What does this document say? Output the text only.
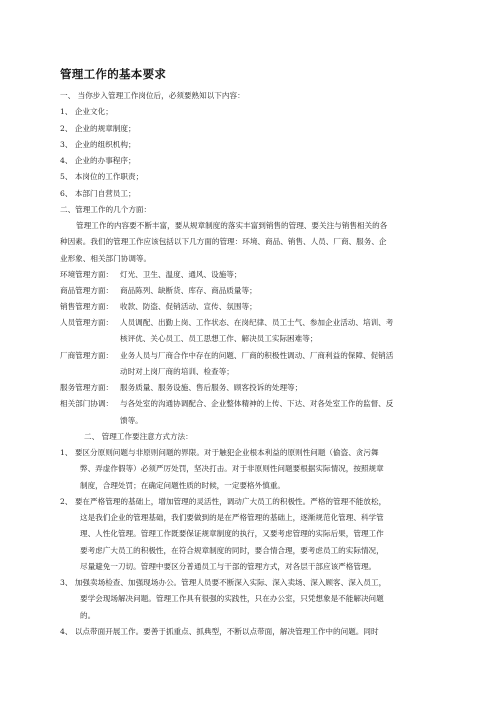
管理工作的基本要求
一、 当你步入管理工作岗位后，必须要熟知以下内容：
1、 企业文化；
2、 企业的规章制度；
3、 企业的组织机构；
4、 企业的办事程序；
5、 本岗位的工作职责；
6、 本部门自营员工；
二、管理工作的几个方面：
管理工作的内容要不断丰富，要从规章制度的落实丰富到销售的管理、要关注与销售相关的各
种因素。我们的管理工作应该包括以下几方面的管理：环境、商品、销售、人员、厂商、服务、企
业形象、相关部门协调等。
环境管理方面： 灯光、卫生、温度、通风、设施等；
商品管理方面： 商品陈列、缺断货、库存、商品质量等；
销售管理方面： 收款、防盗、促销活动、宣传、氛围等；
人员管理方面： 人员调配、出勤上岗、工作状态、在岗纪律、员工士气、参加企业活动、培训、考
核评优、关心员工、员工思想工作、解决员工实际困难等；
厂商管理方面： 业务人员与厂商合作中存在的问题、厂商的积极性调动、厂商利益的保障、促销活
动时对上岗厂商的培训、检查等；
服务管理方面： 服务质量、服务设施、售后服务、顾客投诉的处理等；
相关部门协调： 与各处室的沟通协调配合、企业整体精神的上传、下达、对各处室工作的监督、反
馈等。
二、 管理工作要注意方式方法：
1、 要区分原则问题与非原则问题的界限。对于触犯企业根本利益的原则性问题（偷盗、贪污舞
弊、弄虚作假等）必须严厉处罚，坚决打击。对于非原则性问题要根据实际情况，按照规章
制度，合理处罚；在确定问题性质的时候，一定要格外慎重。
2、 要在严格管理的基础上，增加管理的灵活性，调动广大员工的积极性。严格的管理不能放松，
这是我们企业的管理基础，我们要做到的是在严格管理的基础上，逐渐规范化管理、科学管
理、人性化管理。管理工作既要保证规章制度的执行，又要考虑管理的实际后果，管理工作
要考虑广大员工的积极性，在符合规章制度的同时，要合情合理，要考虑员工的实际情况，
尽量避免一刀切。管理中要区分普通员工与干部的管理方式，对各层干部应该严格管理。
3、 加强卖场检查、加强现场办公。管理人员要不断深入实际、深入卖场、深入顾客、深入员工，
要学会现场解决问题。管理工作具有很强的实践性，只在办公室，只凭想象是不能解决问题
的。
4、 以点带面开展工作。要善于抓重点、抓典型，不断以点带面，解决管理工作中的问题。同时
